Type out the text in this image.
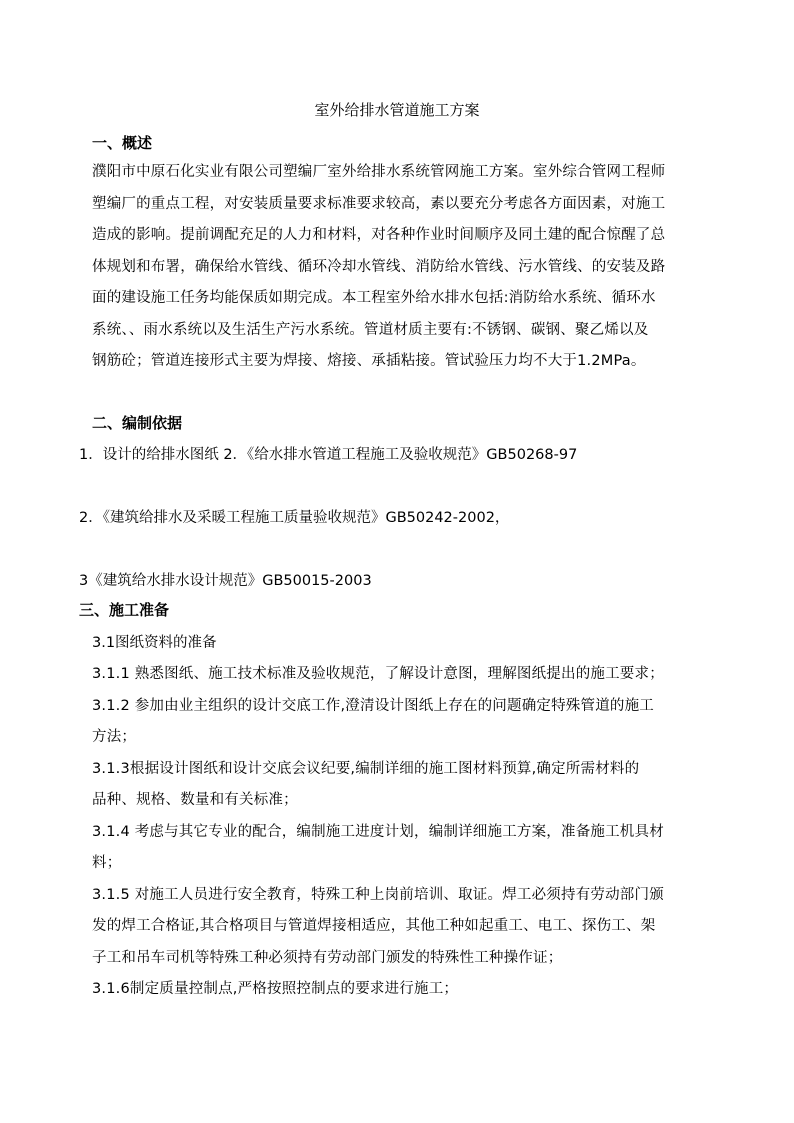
室外给排水管道施工方案
一、概述
濮阳市中原石化实业有限公司塑编厂室外给排水系统管网施工方案。室外综合管网工程师
塑编厂的重点工程，对安装质量要求标准要求较高，素以要充分考虑各方面因素，对施工
造成的影响。提前调配充足的人力和材料，对各种作业时间顺序及同土建的配合惊醒了总
体规划和布署，确保给水管线、循环冷却水管线、消防给水管线、污水管线、的安装及路
面的建设施工任务均能保质如期完成。本工程室外给水排水包括:消防给水系统、循环水
系统、、雨水系统以及生活生产污水系统。管道材质主要有:不锈钢、碳钢、聚乙烯以及
钢筋砼；管道连接形式主要为焊接、熔接、承插粘接。管试验压力均不大于1.2MPa。
二、编制依据
1．设计的给排水图纸 2．《给水排水管道工程施工及验收规范》GB50268-97
2．《建筑给排水及采暖工程施工质量验收规范》GB50242-2002，
3《建筑给水排水设计规范》GB50015-2003
三、施工准备
3.1图纸资料的准备
3.1.1 熟悉图纸、施工技术标准及验收规范，了解设计意图，理解图纸提出的施工要求；
3.1.2 参加由业主组织的设计交底工作,澄清设计图纸上存在的问题确定特殊管道的施工
方法；
3.1.3根据设计图纸和设计交底会议纪要,编制详细的施工图材料预算,确定所需材料的
品种、规格、数量和有关标准；
3.1.4 考虑与其它专业的配合，编制施工进度计划，编制详细施工方案，准备施工机具材
料；
3.1.5 对施工人员进行安全教育，特殊工种上岗前培训、取证。焊工必须持有劳动部门颁
发的焊工合格证,其合格项目与管道焊接相适应，其他工种如起重工、电工、探伤工、架
子工和吊车司机等特殊工种必须持有劳动部门颁发的特殊性工种操作证；
3.1.6制定质量控制点,严格按照控制点的要求进行施工；
